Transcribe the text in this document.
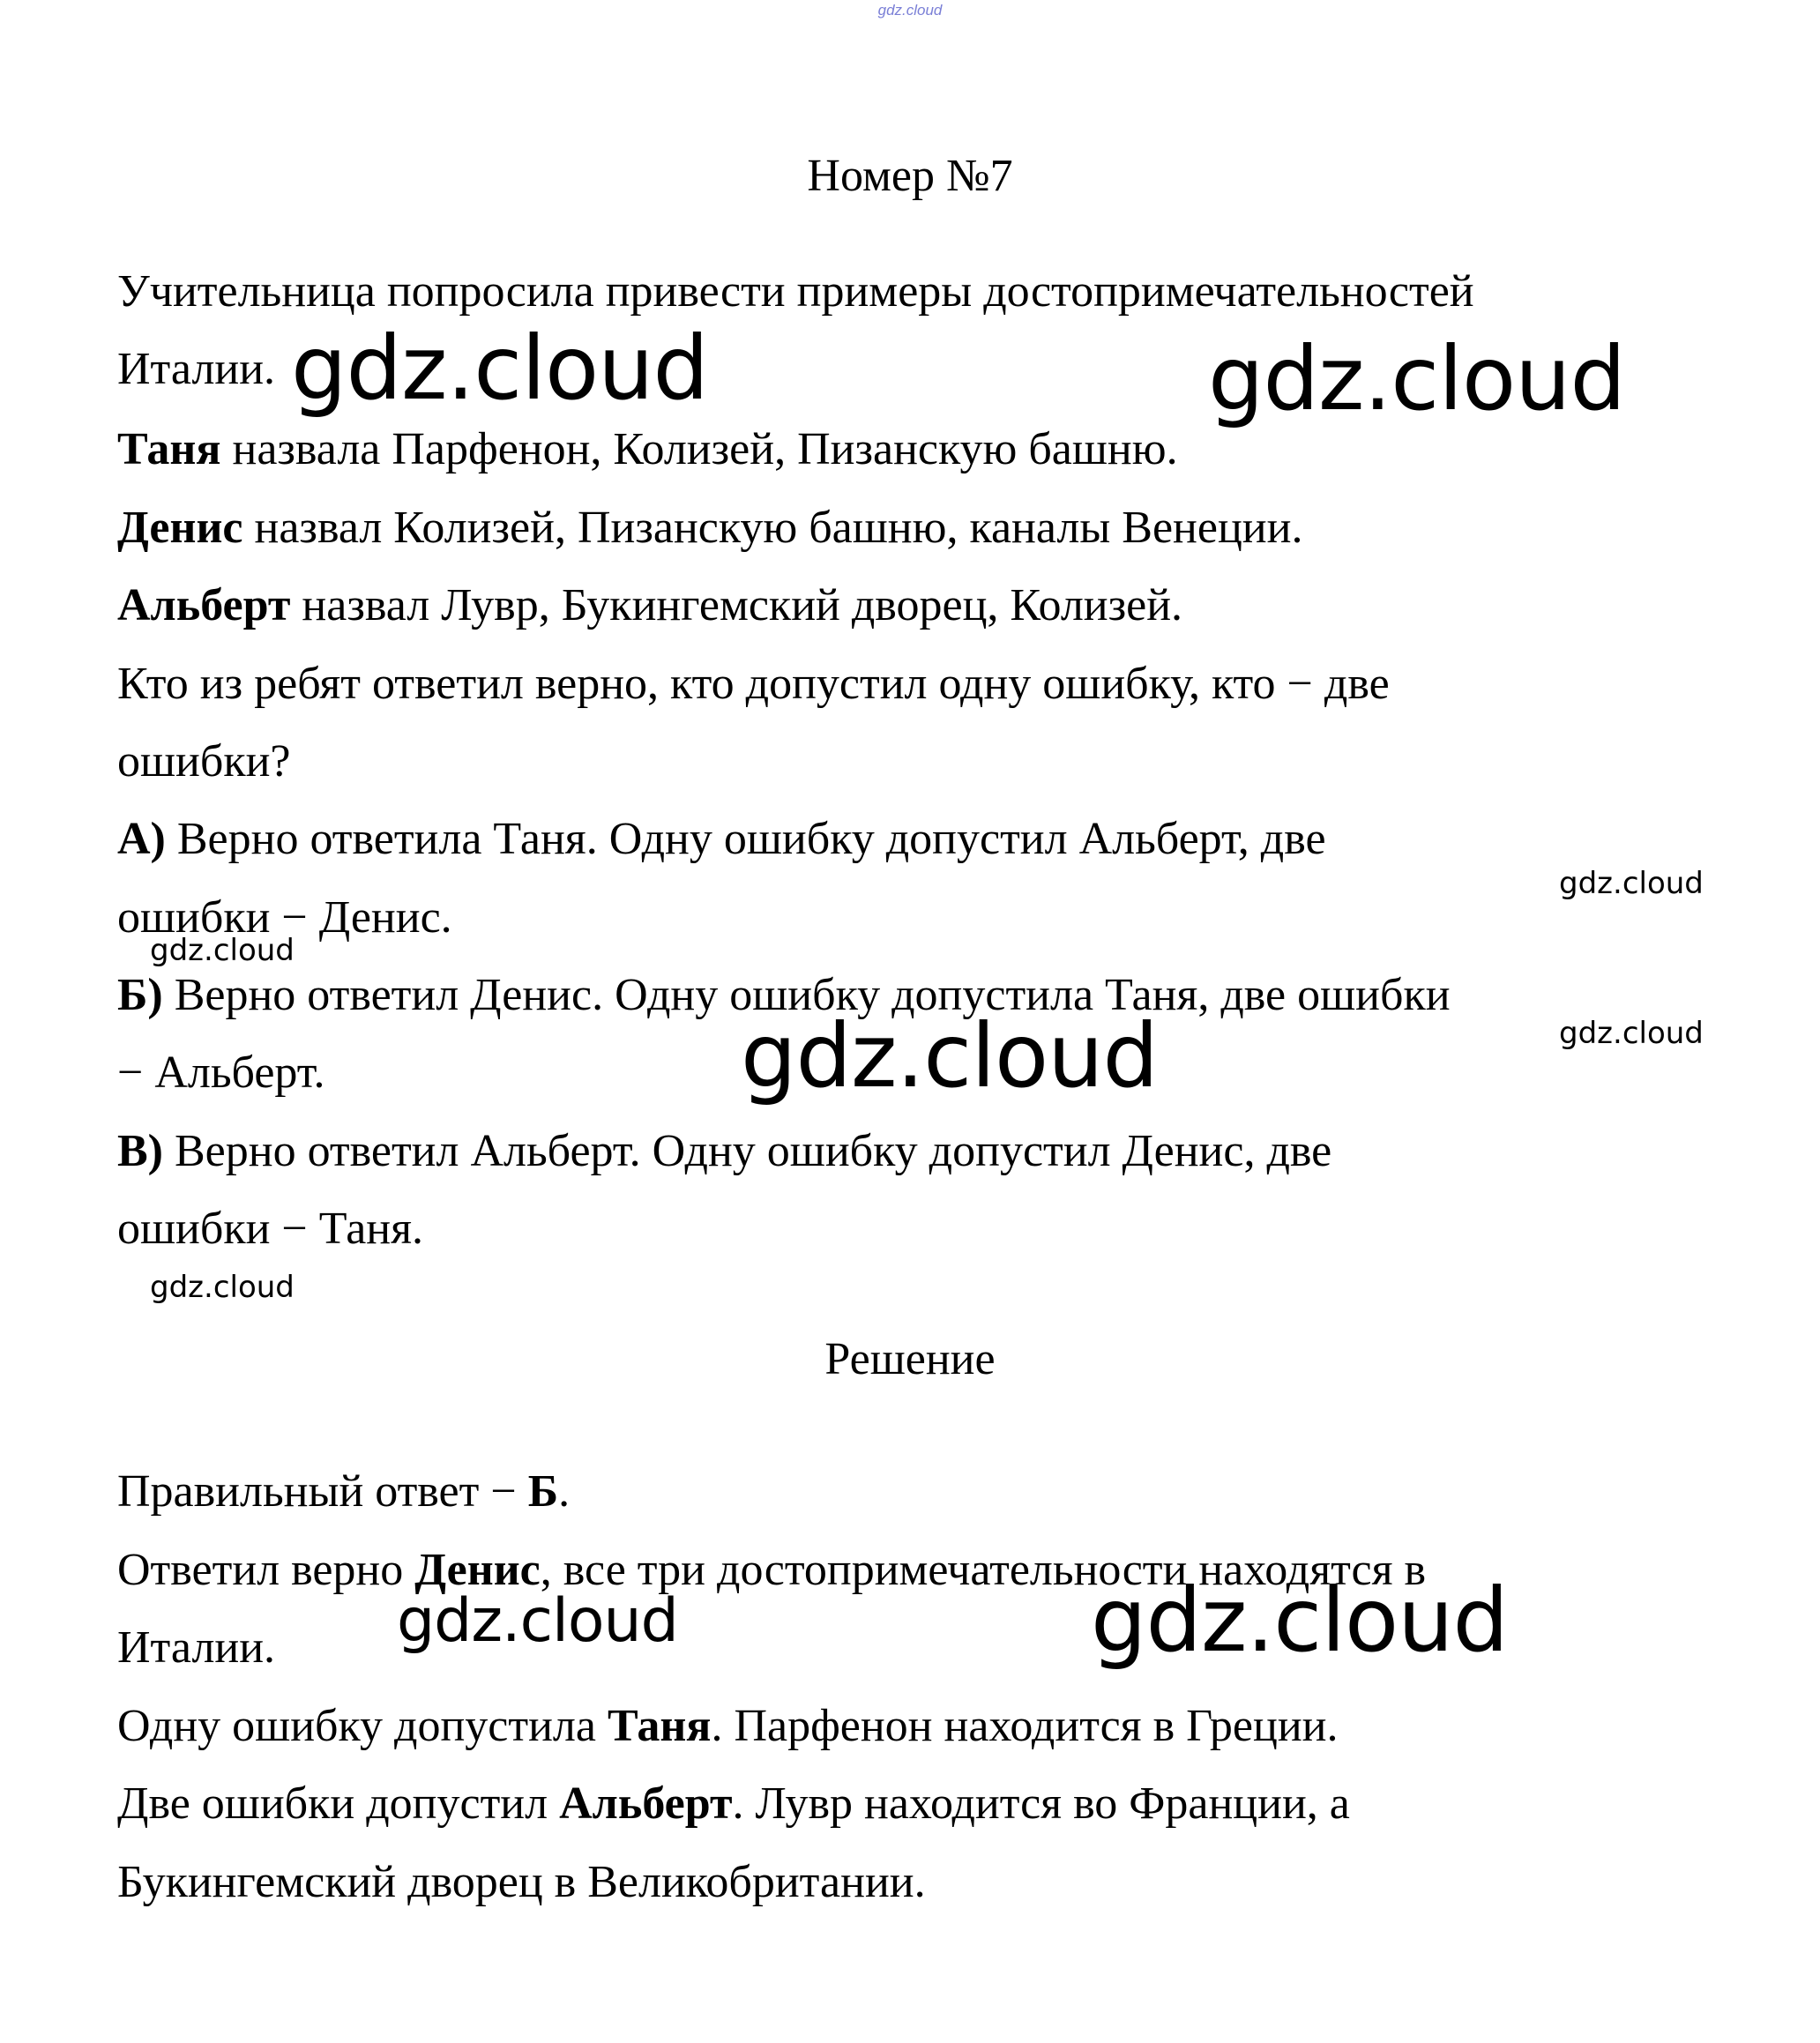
gdz.cloud
Номер №7
Учительница попросила привести примеры достопримечательностей
Италии.
Таня назвала Парфенон, Колизей, Пизанскую башню.
Денис назвал Колизей, Пизанскую башню, каналы Венеции.
Альберт назвал Лувр, Букингемский дворец, Колизей.
Кто из ребят ответил верно, кто допустил одну ошибку, кто − две
ошибки?
А) Верно ответила Таня. Одну ошибку допустил Альберт, две
ошибки − Денис.
Б) Верно ответил Денис. Одну ошибку допустила Таня, две ошибки
− Альберт.
В) Верно ответил Альберт. Одну ошибку допустил Денис, две
ошибки − Таня.
Решение
Правильный ответ − Б.
Ответил верно Денис, все три достопримечательности находятся в
Италии.
Одну ошибку допустила Таня. Парфенон находится в Греции.
Две ошибки допустил Альберт. Лувр находится во Франции, а
Букингемский дворец в Великобритании.
gdz.cloud	gdz.cloud
gdz.cloud
gdz.cloud
gdz.cloud
gdz.cloud
gdz.cloud
gdz.cloud	gdz.cloud
